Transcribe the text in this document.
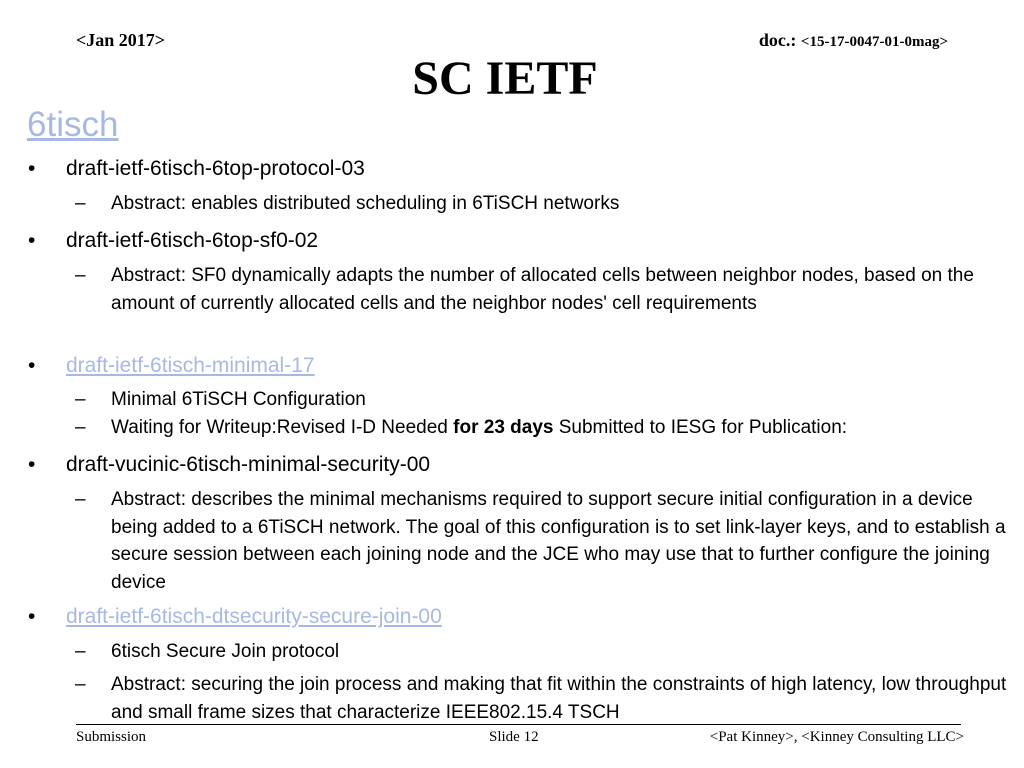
<Jan 2017>	doc.: <15-17-0047-01-0mag>
SC IETF
6tisch
• draft-ietf-6tisch-6top-protocol-03
– Abstract: enables distributed scheduling in 6TiSCH networks
• draft-ietf-6tisch-6top-sf0-02
– Abstract: SF0 dynamically adapts the number of allocated cells between neighbor nodes, based on the amount of currently allocated cells and the neighbor nodes' cell requirements
• draft-ietf-6tisch-minimal-17
– Minimal 6TiSCH Configuration
– Waiting for Writeup:Revised I-D Needed for 23 days Submitted to IESG for Publication:
• draft-vucinic-6tisch-minimal-security-00
– Abstract: describes the minimal mechanisms required to support secure initial configuration in a device being added to a 6TiSCH network. The goal of this configuration is to set link-layer keys, and to establish a secure session between each joining node and the JCE who may use that to further configure the joining device
• draft-ietf-6tisch-dtsecurity-secure-join-00
– 6tisch Secure Join protocol
– Abstract: securing the join process and making that fit within the constraints of high latency, low throughput and small frame sizes that characterize IEEE802.15.4 TSCH
Submission	Slide 12	<Pat Kinney>, <Kinney Consulting LLC>
